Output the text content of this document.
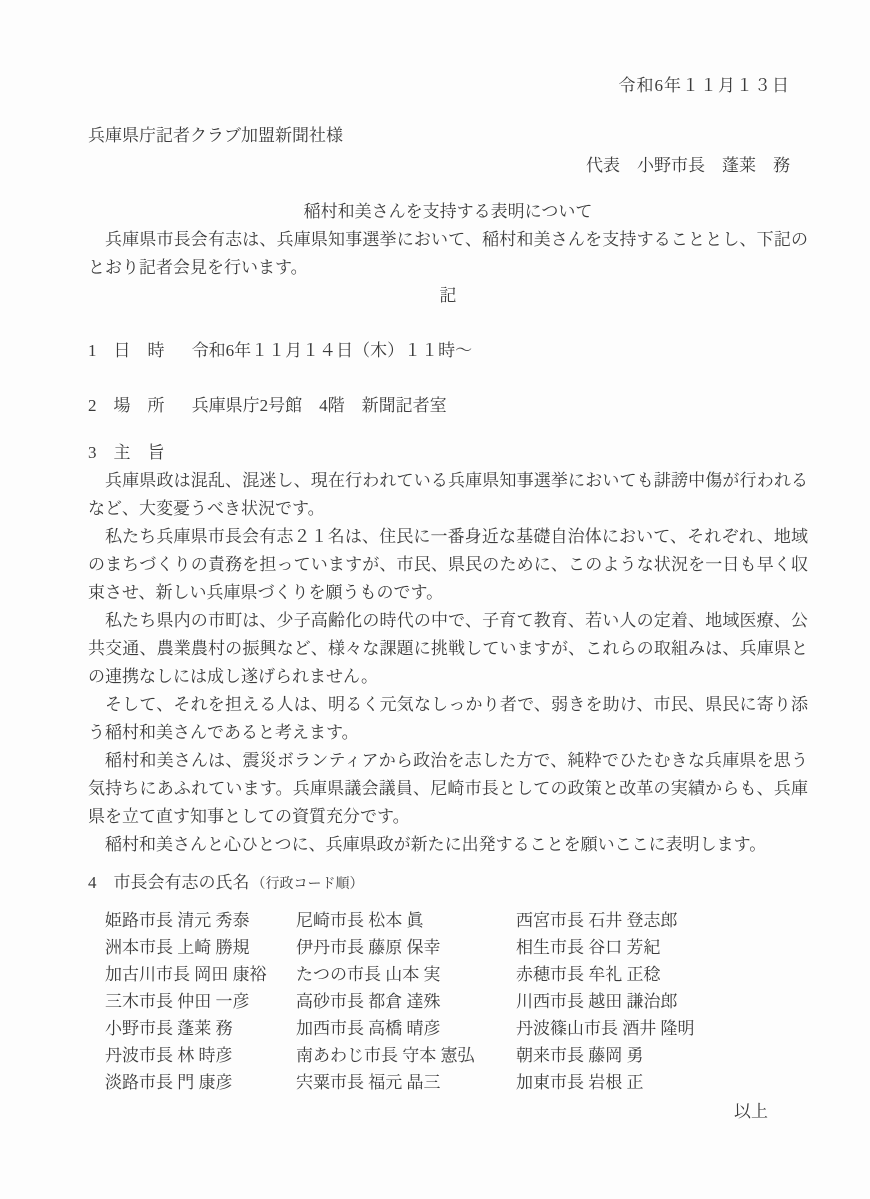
令和6年１１月１３日
兵庫県庁記者クラブ加盟新聞社様
代表　小野市長　蓬莱　務
稲村和美さんを支持する表明について

兵庫県市長会有志は、兵庫県知事選挙において、稲村和美さんを支持することとし、下記のとおり記者会見を行います。

記
1　日　時 令和6年１１月１４日（木）１１時～
2　場　所 兵庫県庁2号館　4階　新聞記者室
3　主　旨

兵庫県政は混乱、混迷し、現在行われている兵庫県知事選挙においても誹謗中傷が行われるなど、大変憂うべき状況です。

私たち兵庫県市長会有志２１名は、住民に一番身近な基礎自治体において、それぞれ、地域のまちづくりの責務を担っていますが、市民、県民のために、このような状況を一日も早く収束させ、新しい兵庫県づくりを願うものです。

私たち県内の市町は、少子高齢化の時代の中で、子育て教育、若い人の定着、地域医療、公共交通、農業農村の振興など、様々な課題に挑戦していますが、これらの取組みは、兵庫県との連携なしには成し遂げられません。

そして、それを担える人は、明るく元気なしっかり者で、弱きを助け、市民、県民に寄り添う稲村和美さんであると考えます。

稲村和美さんは、震災ボランティアから政治を志した方で、純粋でひたむきな兵庫県を思う気持ちにあふれています。兵庫県議会議員、尼崎市長としての政策と改革の実績からも、兵庫県を立て直す知事としての資質充分です。

稲村和美さんと心ひとつに、兵庫県政が新たに出発することを願いここに表明します。

4　市長会有志の氏名 （行政コード順）
姫路市長 清元 秀泰	尼崎市長 松本 眞	西宮市長 石井 登志郎
洲本市長 上崎 勝規	伊丹市長 藤原 保幸	相生市長 谷口 芳紀
加古川市長 岡田 康裕	たつの市長 山本 実	赤穂市長 牟礼 正稔
三木市長 仲田 一彦	高砂市長 都倉 達殊	川西市長 越田 謙治郎
小野市長 蓬莱 務	加西市長 高橋 晴彦	丹波篠山市長 酒井 隆明
丹波市長 林 時彦	南あわじ市長 守本 憲弘	朝来市長 藤岡 勇
淡路市長 門 康彦	宍粟市長 福元 晶三	加東市長 岩根 正
以上
